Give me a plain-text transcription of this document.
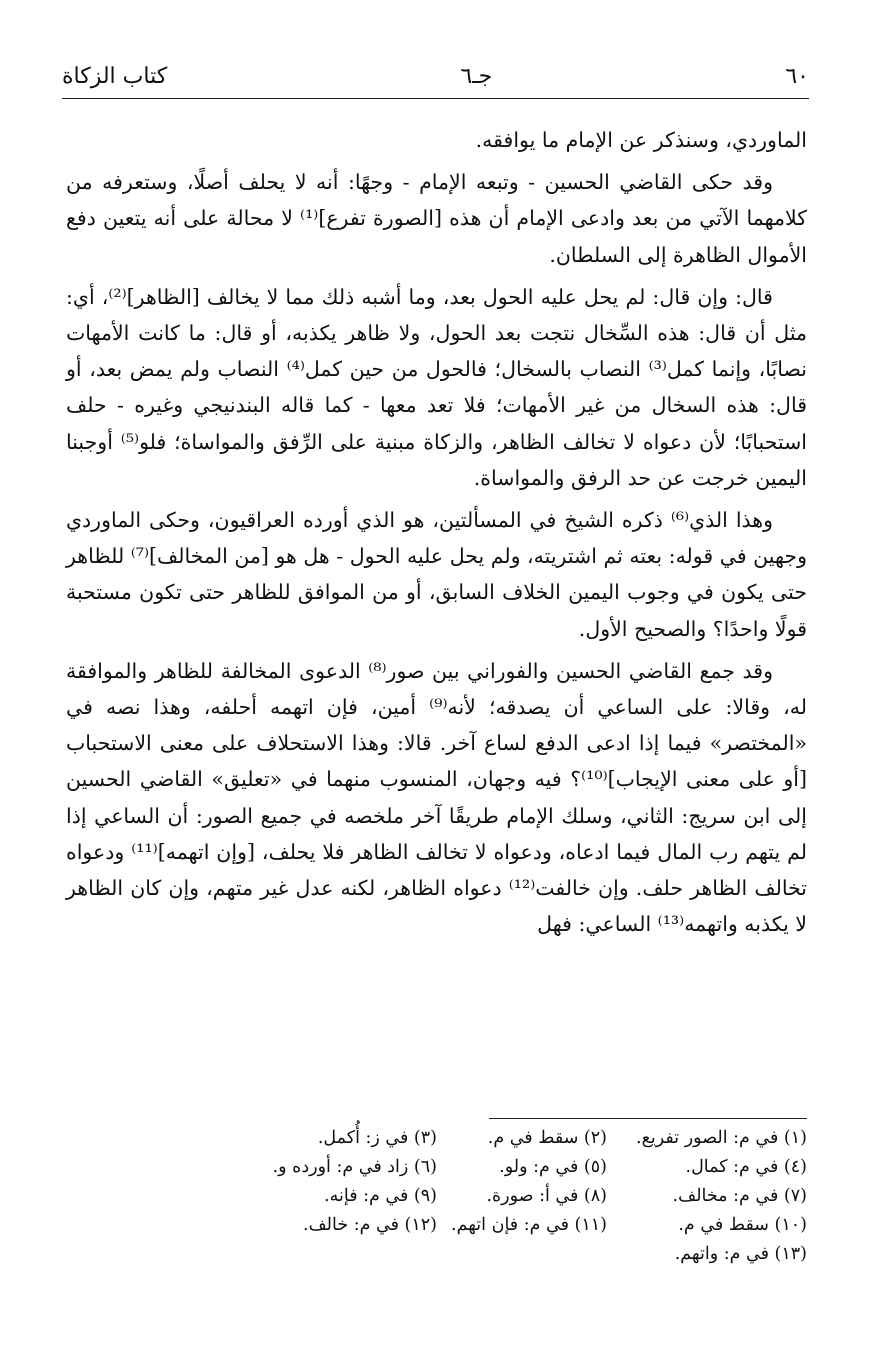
٦٠
جـ٦
كتاب الزكاة

الماوردي، وسنذكر عن الإمام ما يوافقه.

وقد حكى القاضي الحسين - وتبعه الإمام - وجهًا: أنه لا يحلف أصلًا، وستعرفه من كلامهما الآتي من بعد وادعى الإمام أن هذه [الصورة تفرع]⁽¹⁾ لا محالة على أنه يتعين دفع الأموال الظاهرة إلى السلطان.

قال: وإن قال: لم يحل عليه الحول بعد، وما أشبه ذلك مما لا يخالف [الظاهر]⁽²⁾، أي: مثل أن قال: هذه السِّخال نتجت بعد الحول، ولا ظاهر يكذبه، أو قال: ما كانت الأمهات نصابًا، وإنما كمل⁽³⁾ النصاب بالسخال؛ فالحول من حين كمل⁽⁴⁾ النصاب ولم يمض بعد، أو قال: هذه السخال من غير الأمهات؛ فلا تعد معها - كما قاله البندنيجي وغيره - حلف استحبابًا؛ لأن دعواه لا تخالف الظاهر، والزكاة مبنية على الرِّفق والمواساة؛ فلو⁽⁵⁾ أوجبنا اليمين خرجت عن حد الرفق والمواساة.

وهذا الذي⁽⁶⁾ ذكره الشيخ في المسألتين، هو الذي أورده العراقيون، وحكى الماوردي وجهين في قوله: بعته ثم اشتريته، ولم يحل عليه الحول - هل هو [من المخالف]⁽⁷⁾ للظاهر حتى يكون في وجوب اليمين الخلاف السابق، أو من الموافق للظاهر حتى تكون مستحبة قولًا واحدًا؟ والصحيح الأول.

وقد جمع القاضي الحسين والفوراني بين صور⁽⁸⁾ الدعوى المخالفة للظاهر والموافقة له، وقالا: على الساعي أن يصدقه؛ لأنه⁽⁹⁾ أمين، فإن اتهمه أحلفه، وهذا نصه في «المختصر» فيما إذا ادعى الدفع لساع آخر. قالا: وهذا الاستحلاف على معنى الاستحباب [أو على معنى الإيجاب]⁽¹⁰⁾؟ فيه وجهان، المنسوب منهما في «تعليق» القاضي الحسين إلى ابن سريج: الثاني، وسلك الإمام طريقًا آخر ملخصه في جميع الصور: أن الساعي إذا لم يتهم رب المال فيما ادعاه، ودعواه لا تخالف الظاهر فلا يحلف، [وإن اتهمه]⁽¹¹⁾ ودعواه تخالف الظاهر حلف. وإن خالفت⁽¹²⁾ دعواه الظاهر، لكنه عدل غير متهم، وإن كان الظاهر لا يكذبه واتهمه⁽¹³⁾ الساعي: فهل

(١) في م: الصور تفريع.
(٢) سقط في م.
(٣) في ز: أُكمل.
(٤) في م: كمال.
(٥) في م: ولو.
(٦) زاد في م: أورده و.
(٧) في م: مخالف.
(٨) في أ: صورة.
(٩) في م: فإنه.
(١٠) سقط في م.
(١١) في م: فإن اتهم.
(١٢) في م: خالف.
(١٣) في م: واتهم.
